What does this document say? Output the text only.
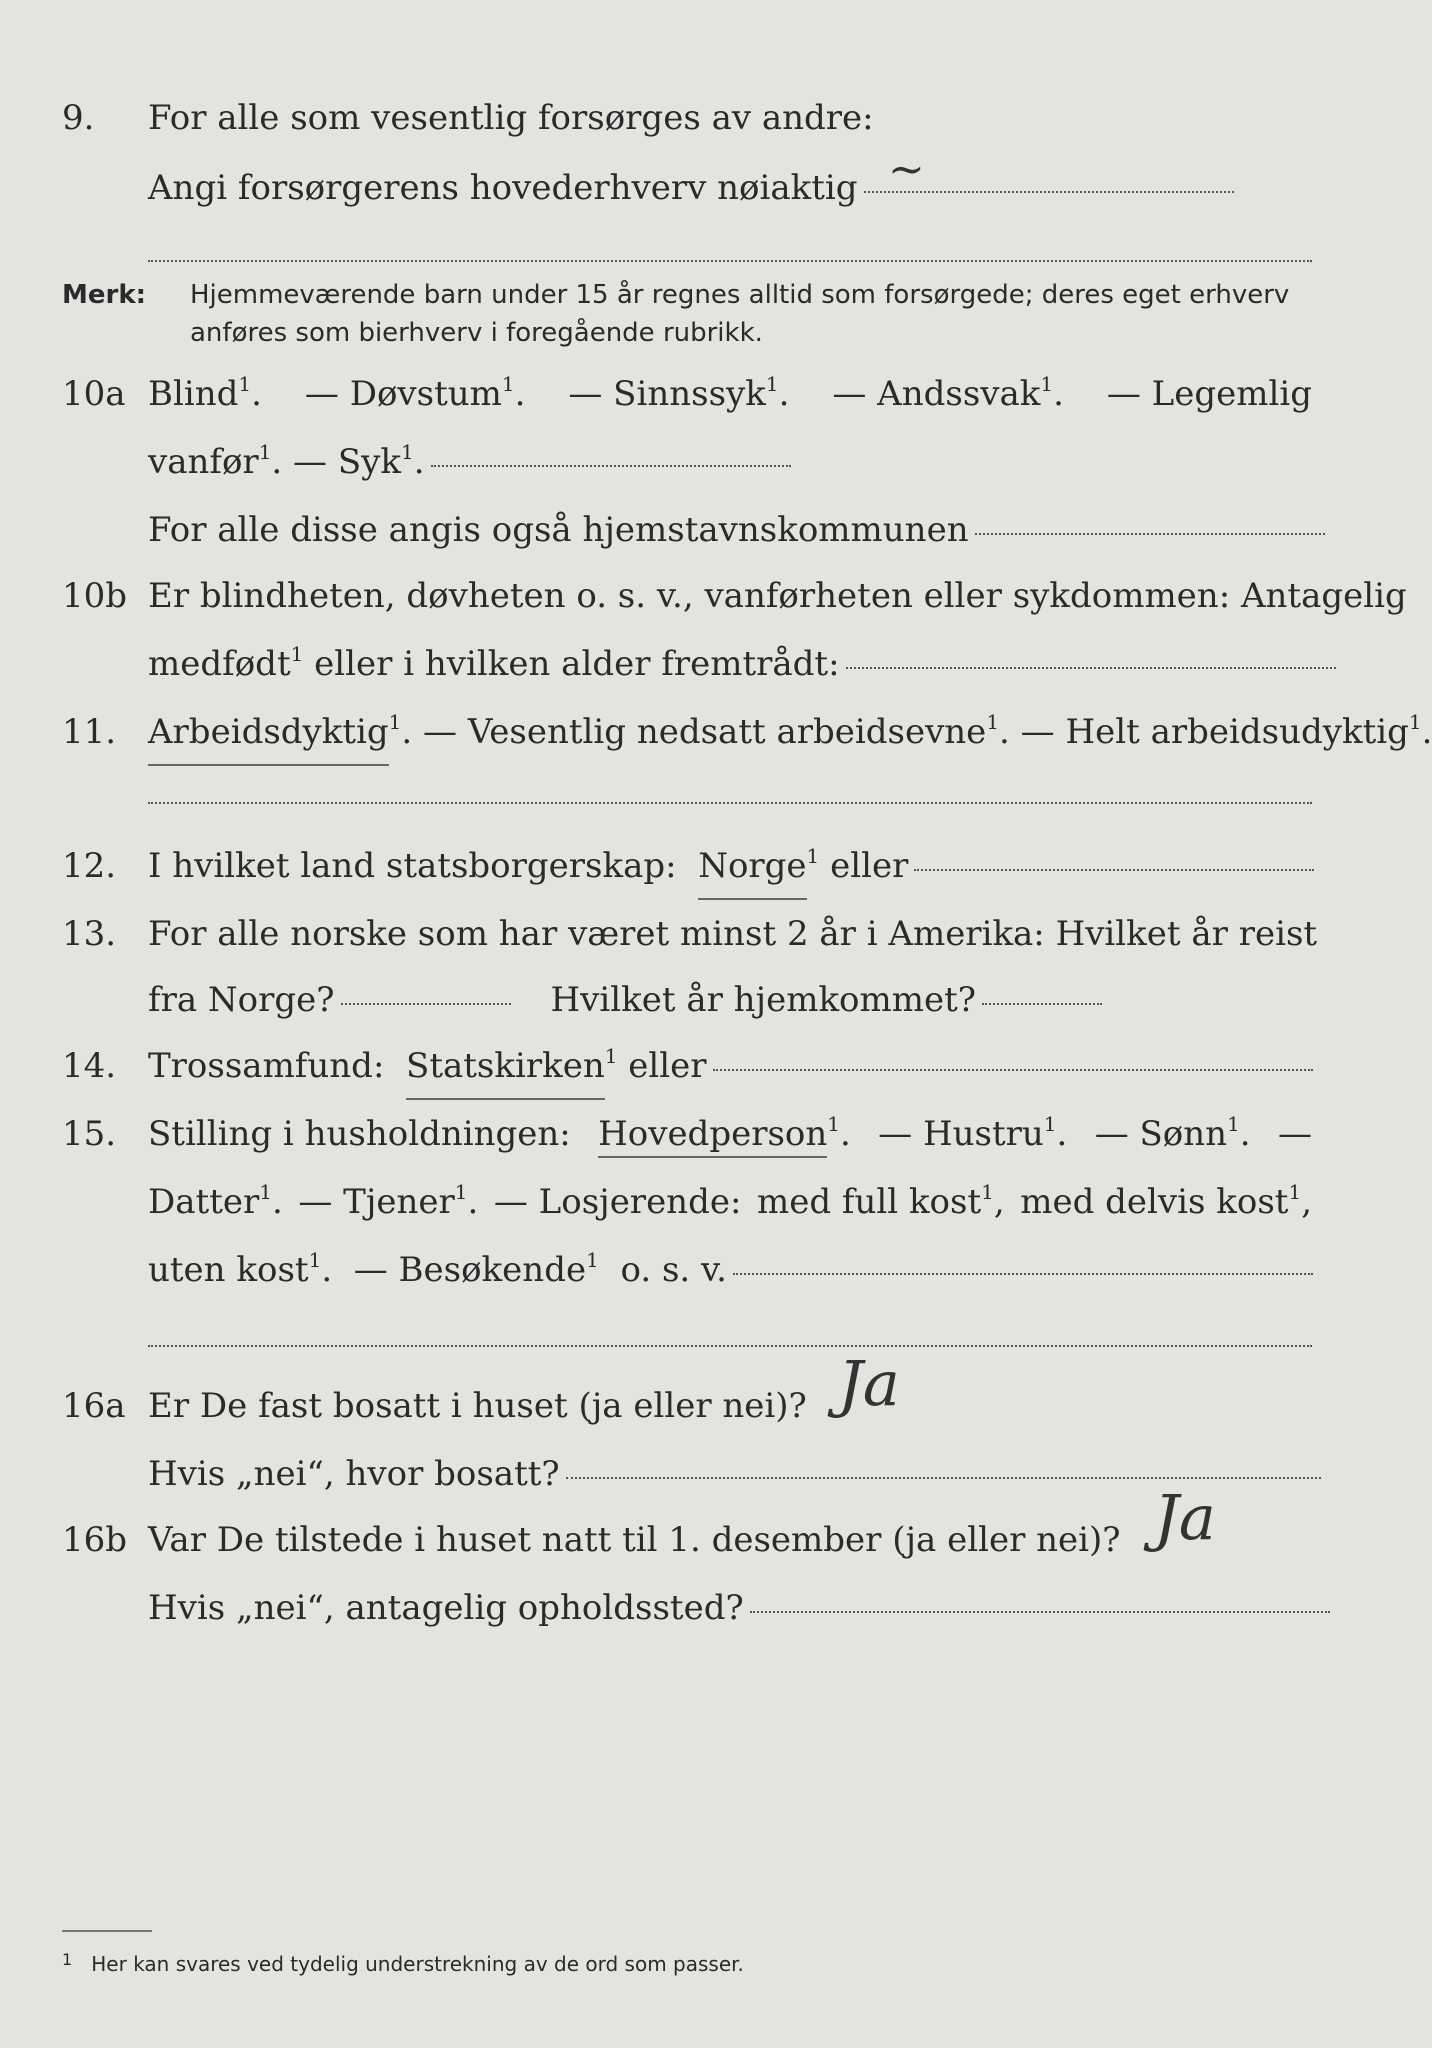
9. For alle som vesentlig forsørges av andre:
Angi forsørgerens hovederhverv nøiaktig ~
Merk: Hjemmeværende barn under 15 år regnes alltid som forsørgede; deres eget erhverv
anføres som bierhverv i foregående rubrikk.
10a Blind$^1$. — Døvstum$^1$. — Sinnssyk$^1$. — Andssvak$^1$. — Legemlig
vanfør$^1$. — Syk$^1$.
For alle disse angis også hjemstavnskommunen
10b Er blindheten, døvheten o. s. v., vanførheten eller sykdommen: Antagelig
medfødt$^1$ eller i hvilken alder fremtrådt:
11. Arbeidsdyktig 1 . — Vesentlig nedsatt arbeidsevne$^1$. — Helt arbeidsudyktig$^1$.
12. I hvilket land statsborgerskap:
Norge 1
eller
13. For alle norske som har været minst 2 år i Amerika: Hvilket år reist
fra Norge?	Hvilket år hjemkommet?
14. Trossamfund:
Statskirken 1
eller
15. Stilling i husholdningen: Hovedperson$^1$. — Hustru$^1$. — Sønn$^1$. —
Datter$^1$. — Tjener$^1$. — Losjerende: med full kost$^1$, med delvis kost$^1$,
uten kost$^1$. — Besøkende$^1$ o. s. v.
16a Er De fast bosatt i huset (ja eller nei)? Ja
Hvis „nei“, hvor bosatt?
16b Var De tilstede i huset natt til 1. desember (ja eller nei)? Ja
Hvis „nei“, antagelig opholdssted?
$^1$ Her kan svares ved tydelig understrekning av de ord som passer.
